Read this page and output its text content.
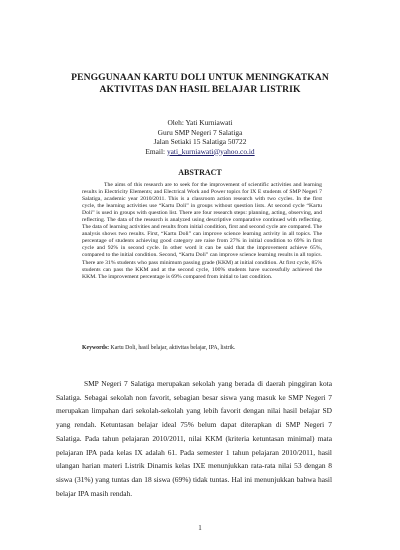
PENGGUNAAN KARTU DOLI UNTUK MENINGKATKAN AKTIVITAS DAN HASIL BELAJAR LISTRIK
Oleh: Yati Kurniawati
Guru SMP Negeri 7 Salatiga
Jalan Setiaki 15 Salatiga 50722
Email: yati_kurniawati@yahoo.co.id
ABSTRACT
The aims of this research are to seek for the improvement of scientific activities and learning results in Electricity Elements; and Electrical Work and Power topics for IX E students of SMP Negeri 7 Salatiga, academic year 2010/2011. This is a classroom action research with two cycles. In the first cycle, the learning activities use “Kartu Doli” in groups without question lists. At second cycle “Kartu Doli” is used in groups with question list. There are four research steps: planning, acting, observing, and reflecting. The data of the research is analyzed using descriptive comparative continued with reflecting. The data of learning activities and results from initial condition, first and second cycle are compared. The analysis shows two results. First, “Kartu Doli” can improve science learning activity in all topics. The percentage of students achieving good category are raise from 27% in initial condition to 69% in first cycle and 92% in second cycle. In other word it can be said that the improvement achieve 65%, compared to the initial condition. Second, “Kartu Doli” can improve science learning results in all topics. There are 31% students who pass minimum passing grade (KKM) at initial condition. At first cycle, 85% students can pass the KKM and at the second cycle, 100% students have successfully achieved the KKM. The improvement percentage is 69% compared from initial to last condition.
Keywords: Kartu Doli, hasil belajar, aktivitas belajar, IPA, listrik.
SMP Negeri 7 Salatiga merupakan sekolah yang berada di daerah pinggiran kota Salatiga. Sebagai sekolah non favorit, sebagian besar siswa yang masuk ke SMP Negeri 7 merupakan limpahan dari sekolah-sekolah yang lebih favorit dengan nilai hasil belajar SD yang rendah. Ketuntasan belajar ideal 75% belum dapat diterapkan di SMP Negeri 7 Salatiga. Pada tahun pelajaran 2010/2011, nilai KKM (kriteria ketuntasan minimal) mata pelajaran IPA pada kelas IX adalah 61. Pada semester 1 tahun pelajaran 2010/2011, hasil ulangan harian materi Listrik Dinamis kelas IXE menunjukkan rata-rata nilai 53 dengan 8 siswa (31%) yang tuntas dan 18 siswa (69%) tidak tuntas. Hal ini menunjukkan bahwa hasil belajar IPA masih rendah.
1
